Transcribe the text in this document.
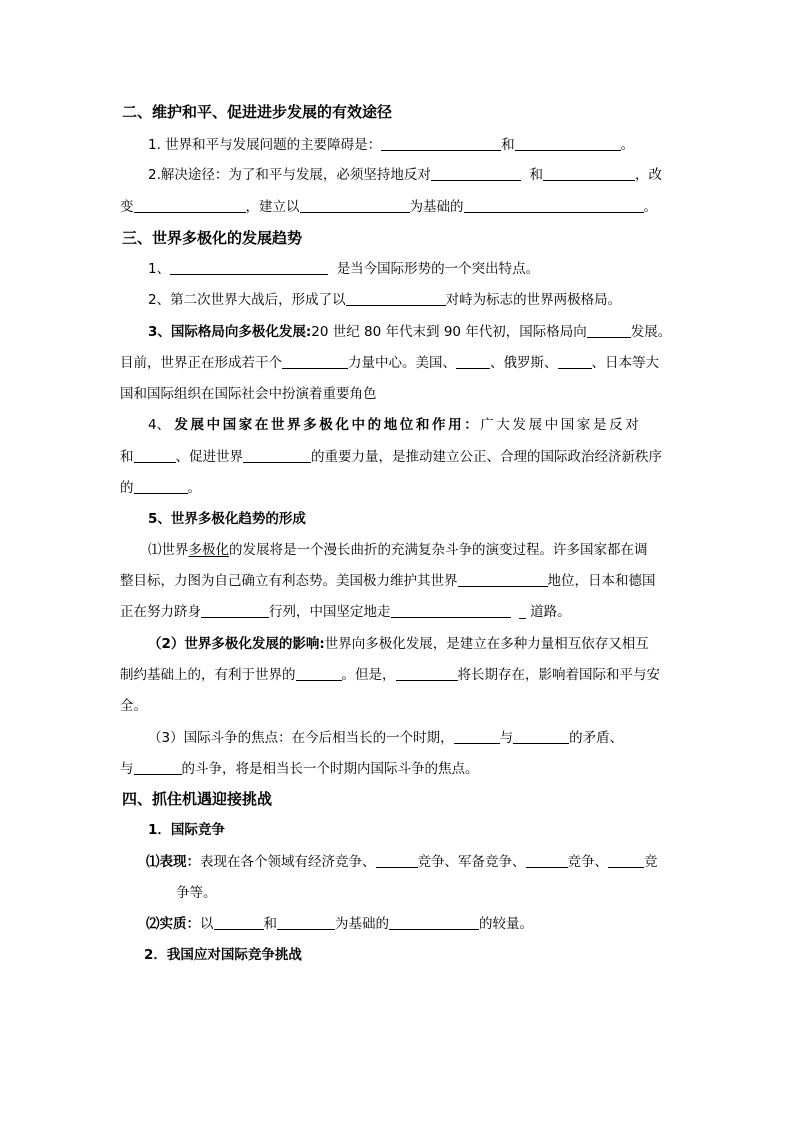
二、维护和平、促进进步发展的有效途径
1. 世界和平与发展问题的主要障碍是：	和	。
2.解决途径：为了和平与发展，必须坚持地反对	和	，改
变	，建立以	为基础的	。
三、世界多极化的发展趋势
1、	是当今国际形势的一个突出特点。
2、第二次世界大战后，形成了以	对峙为标志的世界两极格局。
3、国际格局向多极化发展:20 世纪 80 年代末到 90 年代初，国际格局向	发展。
目前，世界正在形成若干个	力量中心。美国、	、俄罗斯、	、日本等大
国和国际组织在国际社会中扮演着重要角色
4、 发展中国家在世界多极化中的地位和作用：广大发展中国家是反对
和	、促进世界	的重要力量，是推动建立公正、合理的国际政治经济新秩序
的	。
5、世界多极化趋势的形成
⑴世界多极化的发展将是一个漫长曲折的充满复杂斗争的演变过程。许多国家都在调
整目标，力图为自己确立有利态势。美国极力维护其世界	地位，日本和德国
正在努力跻身	行列，中国坚定地走	_ 道路。
（2）世界多极化发展的影响:世界向多极化发展，是建立在多种力量相互依存又相互
制约基础上的，有利于世界的	。但是，	将长期存在，影响着国际和平与安
全。
（3）国际斗争的焦点：在今后相当长的一个时期，	与	的矛盾、
与	的斗争，将是相当长一个时期内国际斗争的焦点。
四、抓住机遇迎接挑战
1．国际竞争
⑴表现：表现在各个领域有经济竞争、	竞争、军备竞争、	竞争、	竞
争等。
⑵实质：以	和	为基础的	的较量。
2．我国应对国际竞争挑战
